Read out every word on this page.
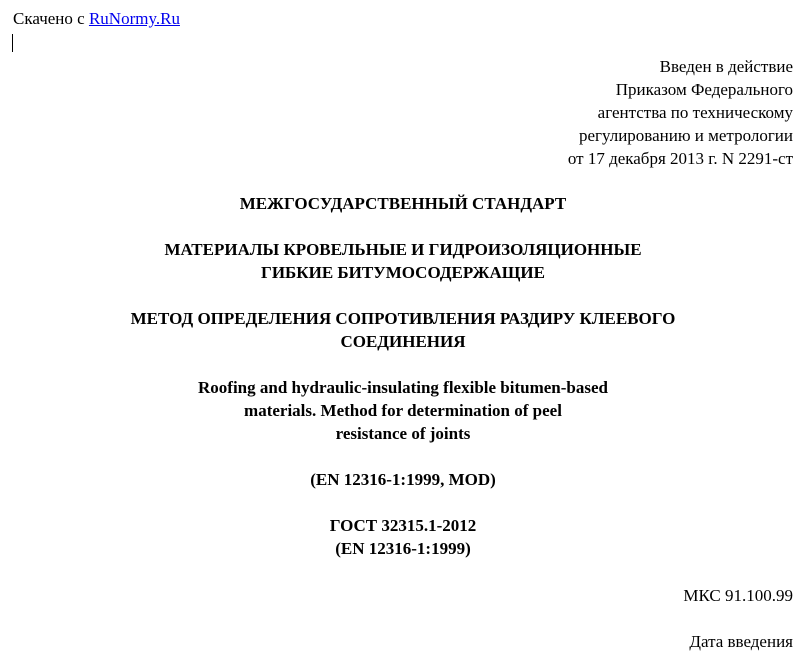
Скачено с RuNormy.Ru
Введен в действие
Приказом Федерального
агентства по техническому
регулированию и метрологии
от 17 декабря 2013 г. N 2291-ст
МЕЖГОСУДАРСТВЕННЫЙ СТАНДАРТ
МАТЕРИАЛЫ КРОВЕЛЬНЫЕ И ГИДРОИЗОЛЯЦИОННЫЕ
ГИБКИЕ БИТУМОСОДЕРЖАЩИЕ
МЕТОД ОПРЕДЕЛЕНИЯ СОПРОТИВЛЕНИЯ РАЗДИРУ КЛЕЕВОГО
СОЕДИНЕНИЯ
Roofing and hydraulic-insulating flexible bitumen-based
materials. Method for determination of peel
resistance of joints
(EN 12316-1:1999, MOD)
ГОСТ 32315.1-2012
(EN 12316-1:1999)
МКС 91.100.99
Дата введения
